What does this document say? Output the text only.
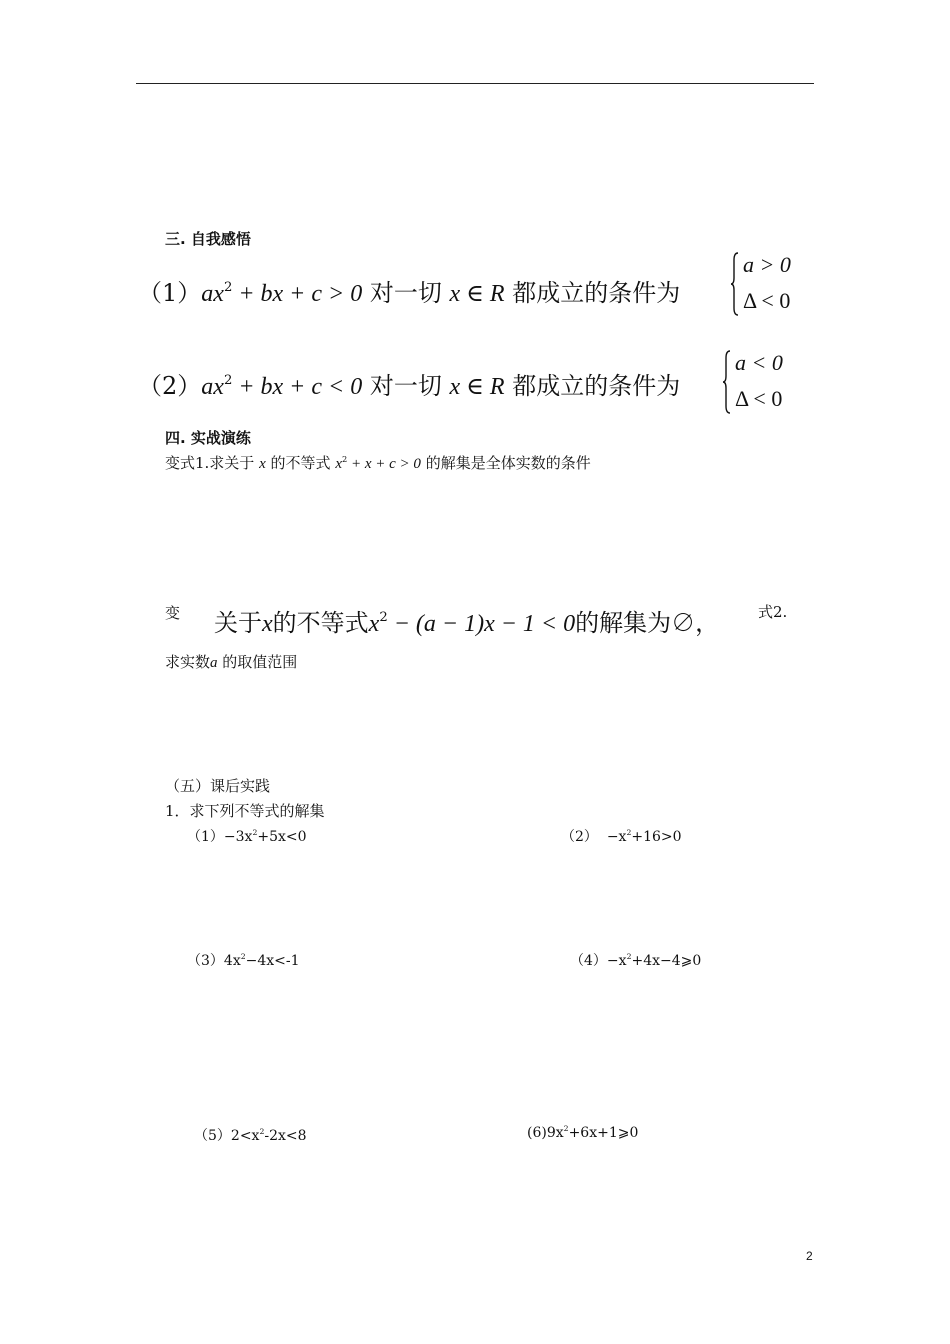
三. 自我感悟
$(1)ax^2$ + bx + c > 0 对一切 x ∈ R 都成立的条件为
a > 0
Δ < 0
$(2)ax^2$ + bx + c < 0 对一切 x ∈ R 都成立的条件为
a < 0
Δ < 0
四. 实战演练
变式1.求关于 x 的不等式 $x^2 + x + c > 0$ 的解集是全体实数的条件
变 关于x的不等式$x^2 - (a - 1)x - 1 < 0$的解集为∅，	式2.
求实数a 的取值范围
（五）课后实践
1．求下列不等式的解集
$(1)-3x^2+5x<0$	$(2) -x^2+16>0$
$(3)4x^2-4x<-1$	$(4)-x^2+4x-4⩾0$
$(5)2<x^2-2x<8$	$(6)9x^2+6x+1⩾0$
2
